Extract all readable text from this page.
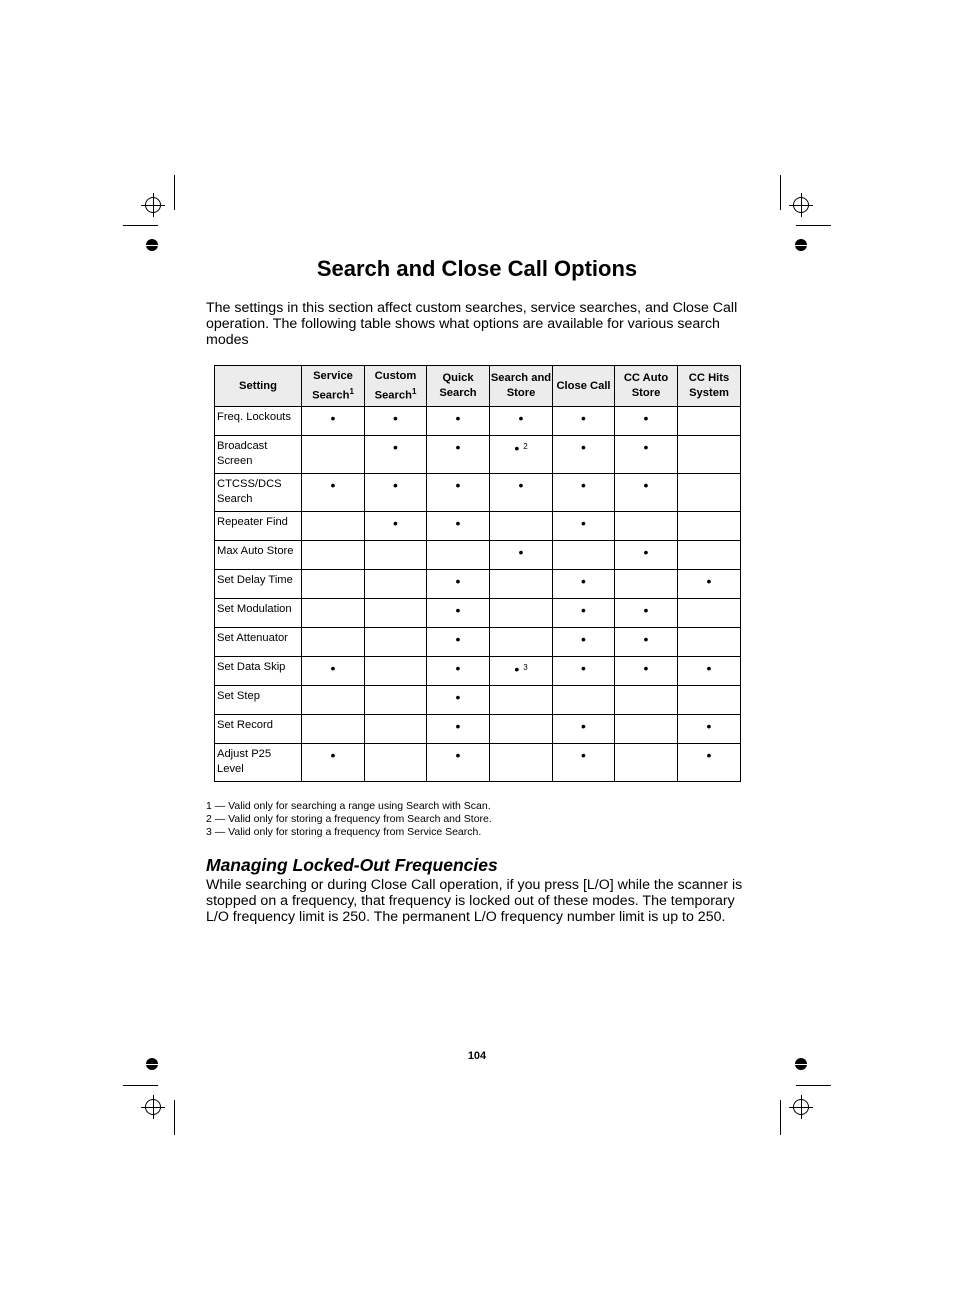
Search and Close Call Options

The settings in this section affect custom searches, service searches, and Close Call operation. The following table shows what options are available for various search modes

Setting	Service Search$^1$	Custom Search$^1$	Quick Search	Search and Store	Close Call	CC Auto Store	CC Hits System
Freq. Lockouts	•	•	•	•	•	•	
Broadcast Screen		•	•	• $^2$	•	•	
CTCSS/DCS Search	•	•	•	•	•	•	
Repeater Find		•	•		•		
Max Auto Store				•		•	
Set Delay Time			•		•		•
Set Modulation			•		•	•	
Set Attenuator			•		•	•	
Set Data Skip	•		•	• $^3$	•	•	•
Set Step			•				
Set Record			•		•		•
Adjust P25 Level	•		•		•		•
1 — Valid only for searching a range using Search with Scan.
2 — Valid only for storing a frequency from Search and Store.
3 — Valid only for storing a frequency from Service Search.
Managing Locked-Out Frequencies

While searching or during Close Call operation, if you press [L/O] while the scanner is stopped on a frequency, that frequency is locked out of these modes. The temporary L/O frequency limit is 250. The permanent L/O frequency number limit is up to 250.

104
